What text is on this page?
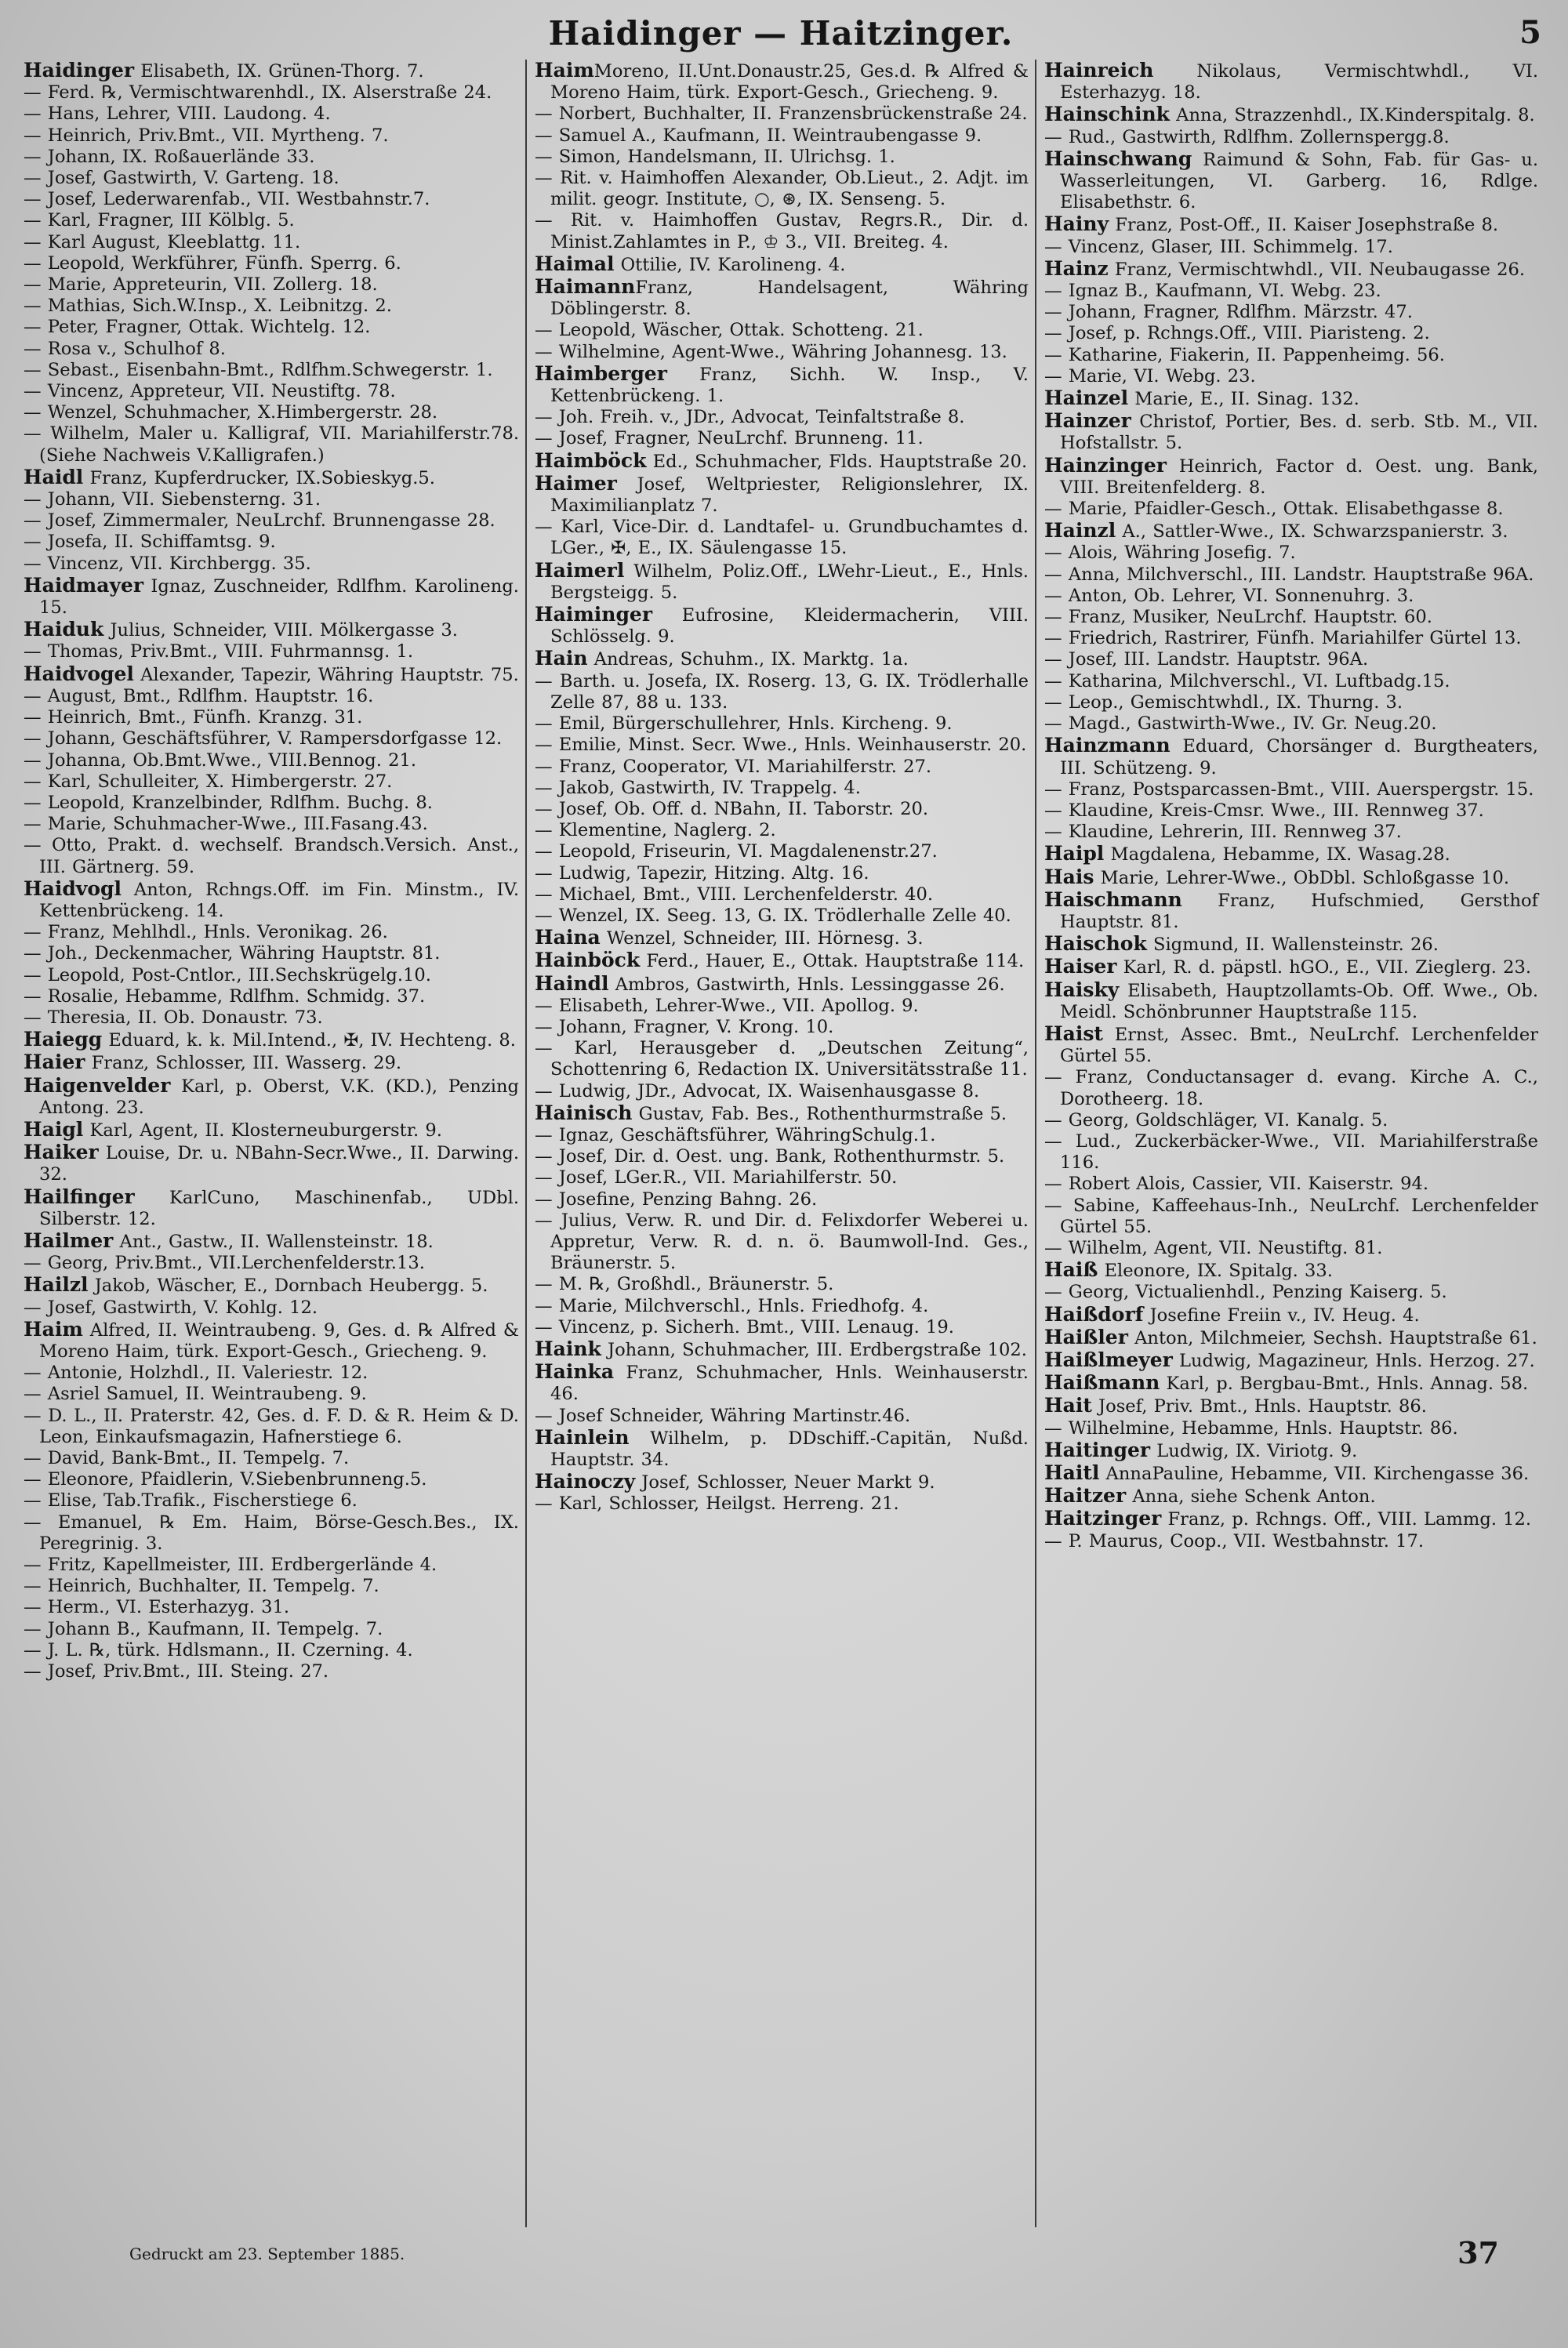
Haidinger — Haitzinger.	5
Haidinger Elisabeth, IX. Grünen-Thorg. 7.
— Ferd. ℞, Vermischtwarenhdl., IX. Alserstraße 24.
— Hans, Lehrer, VIII. Laudong. 4.
— Heinrich, Priv.Bmt., VII. Myrtheng. 7.
— Johann, IX. Roßauerlände 33.
— Josef, Gastwirth, V. Garteng. 18.
— Josef, Lederwarenfab., VII. Westbahnstr.7.
— Karl, Fragner, III Kölblg. 5.
— Karl August, Kleeblattg. 11.
— Leopold, Werkführer, Fünfh. Sperrg. 6.
— Marie, Appreteurin, VII. Zollerg. 18.
— Mathias, Sich.W.Insp., X. Leibnitzg. 2.
— Peter, Fragner, Ottak. Wichtelg. 12.
— Rosa v., Schulhof 8.
— Sebast., Eisenbahn-Bmt., Rdlfhm.Schwegerstr. 1.
— Vincenz, Appreteur, VII. Neustiftg. 78.
— Wenzel, Schuhmacher, X.Himbergerstr. 28.
— Wilhelm, Maler u. Kalligraf, VII. Mariahilferstr.78. (Siehe Nachweis V.Kalligrafen.)
Haidl Franz, Kupferdrucker, IX.Sobieskyg.5.
— Johann, VII. Siebensterng. 31.
— Josef, Zimmermaler, NeuLrchf. Brunnengasse 28.
— Josefa, II. Schiffamtsg. 9.
— Vincenz, VII. Kirchbergg. 35.
Haidmayer Ignaz, Zuschneider, Rdlfhm. Karolineng. 15.
Haiduk Julius, Schneider, VIII. Mölkergasse 3.
— Thomas, Priv.Bmt., VIII. Fuhrmannsg. 1.
Haidvogel Alexander, Tapezir, Währing Hauptstr. 75.
— August, Bmt., Rdlfhm. Hauptstr. 16.
— Heinrich, Bmt., Fünfh. Kranzg. 31.
— Johann, Geschäftsführer, V. Rampersdorfgasse 12.
— Johanna, Ob.Bmt.Wwe., VIII.Bennog. 21.
— Karl, Schulleiter, X. Himbergerstr. 27.
— Leopold, Kranzelbinder, Rdlfhm. Buchg. 8.
— Marie, Schuhmacher-Wwe., III.Fasang.43.
— Otto, Prakt. d. wechself. Brandsch.Versich. Anst., III. Gärtnerg. 59.
Haidvogl Anton, Rchngs.Off. im Fin. Minstm., IV. Kettenbrückeng. 14.
— Franz, Mehlhdl., Hnls. Veronikag. 26.
— Joh., Deckenmacher, Währing Hauptstr. 81.
— Leopold, Post-Cntlor., III.Sechskrügelg.10.
— Rosalie, Hebamme, Rdlfhm. Schmidg. 37.
— Theresia, II. Ob. Donaustr. 73.
Haiegg Eduard, k. k. Mil.Intend., ✠, IV. Hechteng. 8.
Haier Franz, Schlosser, III. Wasserg. 29.
Haigenvelder Karl, p. Oberst, V.K. (KD.), Penzing Antong. 23.
Haigl Karl, Agent, II. Klosterneuburgerstr. 9.
Haiker Louise, Dr. u. NBahn-Secr.Wwe., II. Darwing. 32.
Hailfinger KarlCuno, Maschinenfab., UDbl. Silberstr. 12.
Hailmer Ant., Gastw., II. Wallensteinstr. 18.
— Georg, Priv.Bmt., VII.Lerchenfelderstr.13.
Hailzl Jakob, Wäscher, E., Dornbach Heubergg. 5.
— Josef, Gastwirth, V. Kohlg. 12.
Haim Alfred, II. Weintraubeng. 9, Ges. d. ℞ Alfred & Moreno Haim, türk. Export-Gesch., Griecheng. 9.
— Antonie, Holzhdl., II. Valeriestr. 12.
— Asriel Samuel, II. Weintraubeng. 9.
— D. L., II. Praterstr. 42, Ges. d. F. D. & R. Heim & D. Leon, Einkaufsmagazin, Hafnerstiege 6.
— David, Bank-Bmt., II. Tempelg. 7.
— Eleonore, Pfaidlerin, V.Siebenbrunneng.5.
— Elise, Tab.Trafik., Fischerstiege 6.
— Emanuel, ℞ Em. Haim, Börse-Gesch.Bes., IX. Peregrinig. 3.
— Fritz, Kapellmeister, III. Erdbergerlände 4.
— Heinrich, Buchhalter, II. Tempelg. 7.
— Herm., VI. Esterhazyg. 31.
— Johann B., Kaufmann, II. Tempelg. 7.
— J. L. ℞, türk. Hdlsmann., II. Czerning. 4.
— Josef, Priv.Bmt., III. Steing. 27.
HaimMoreno, II.Unt.Donaustr.25, Ges.d. ℞ Alfred & Moreno Haim, türk. Export-Gesch., Griecheng. 9.
— Norbert, Buchhalter, II. Franzensbrückenstraße 24.
— Samuel A., Kaufmann, II. Weintraubengasse 9.
— Simon, Handelsmann, II. Ulrichsg. 1.
— Rit. v. Haimhoffen Alexander, Ob.Lieut., 2. Adjt. im milit. geogr. Institute, ○, ⊛, IX. Senseng. 5.
— Rit. v. Haimhoffen Gustav, Regrs.R., Dir. d. Minist.Zahlamtes in P., ♔ 3., VII. Breiteg. 4.
Haimal Ottilie, IV. Karolineng. 4.
HaimannFranz, Handelsagent, Währing Döblingerstr. 8.
— Leopold, Wäscher, Ottak. Schotteng. 21.
— Wilhelmine, Agent-Wwe., Währing Johannesg. 13.
Haimberger Franz, Sichh. W. Insp., V. Kettenbrückeng. 1.
— Joh. Freih. v., JDr., Advocat, Teinfaltstraße 8.
— Josef, Fragner, NeuLrchf. Brunneng. 11.
Haimböck Ed., Schuhmacher, Flds. Hauptstraße 20.
Haimer Josef, Weltpriester, Religionslehrer, IX. Maximilianplatz 7.
— Karl, Vice-Dir. d. Landtafel- u. Grundbuchamtes d. LGer., ✠, E., IX. Säulengasse 15.
Haimerl Wilhelm, Poliz.Off., LWehr-Lieut., E., Hnls. Bergsteigg. 5.
Haiminger Eufrosine, Kleidermacherin, VIII. Schlösselg. 9.
Hain Andreas, Schuhm., IX. Marktg. 1a.
— Barth. u. Josefa, IX. Roserg. 13, G. IX. Trödlerhalle Zelle 87, 88 u. 133.
— Emil, Bürgerschullehrer, Hnls. Kircheng. 9.
— Emilie, Minst. Secr. Wwe., Hnls. Weinhauserstr. 20.
— Franz, Cooperator, VI. Mariahilferstr. 27.
— Jakob, Gastwirth, IV. Trappelg. 4.
— Josef, Ob. Off. d. NBahn, II. Taborstr. 20.
— Klementine, Naglerg. 2.
— Leopold, Friseurin, VI. Magdalenenstr.27.
— Ludwig, Tapezir, Hitzing. Altg. 16.
— Michael, Bmt., VIII. Lerchenfelderstr. 40.
— Wenzel, IX. Seeg. 13, G. IX. Trödlerhalle Zelle 40.
Haina Wenzel, Schneider, III. Hörnesg. 3.
Hainböck Ferd., Hauer, E., Ottak. Hauptstraße 114.
Haindl Ambros, Gastwirth, Hnls. Lessinggasse 26.
— Elisabeth, Lehrer-Wwe., VII. Apollog. 9.
— Johann, Fragner, V. Krong. 10.
— Karl, Herausgeber d. „Deutschen Zeitung“, Schottenring 6, Redaction IX. Universitätsstraße 11.
— Ludwig, JDr., Advocat, IX. Waisenhausgasse 8.
Hainisch Gustav, Fab. Bes., Rothenthurmstraße 5.
— Ignaz, Geschäftsführer, WähringSchulg.1.
— Josef, Dir. d. Oest. ung. Bank, Rothenthurmstr. 5.
— Josef, LGer.R., VII. Mariahilferstr. 50.
— Josefine, Penzing Bahng. 26.
— Julius, Verw. R. und Dir. d. Felixdorfer Weberei u. Appretur, Verw. R. d. n. ö. Baumwoll-Ind. Ges., Bräunerstr. 5.
— M. ℞, Großhdl., Bräunerstr. 5.
— Marie, Milchverschl., Hnls. Friedhofg. 4.
— Vincenz, p. Sicherh. Bmt., VIII. Lenaug. 19.
Haink Johann, Schuhmacher, III. Erdbergstraße 102.
Hainka Franz, Schuhmacher, Hnls. Weinhauserstr. 46.
— Josef Schneider, Währing Martinstr.46.
Hainlein Wilhelm, p. DDschiff.-Capitän, Nußd. Hauptstr. 34.
Hainoczy Josef, Schlosser, Neuer Markt 9.
— Karl, Schlosser, Heilgst. Herreng. 21.
Hainreich Nikolaus, Vermischtwhdl., VI. Esterhazyg. 18.
Hainschink Anna, Strazzenhdl., IX.Kinderspitalg. 8.
— Rud., Gastwirth, Rdlfhm. Zollernspergg.8.
Hainschwang Raimund & Sohn, Fab. für Gas- u. Wasserleitungen, VI. Garberg. 16, Rdlge. Elisabethstr. 6.
Hainy Franz, Post-Off., II. Kaiser Josephstraße 8.
— Vincenz, Glaser, III. Schimmelg. 17.
Hainz Franz, Vermischtwhdl., VII. Neubaugasse 26.
— Ignaz B., Kaufmann, VI. Webg. 23.
— Johann, Fragner, Rdlfhm. Märzstr. 47.
— Josef, p. Rchngs.Off., VIII. Piaristeng. 2.
— Katharine, Fiakerin, II. Pappenheimg. 56.
— Marie, VI. Webg. 23.
Hainzel Marie, E., II. Sinag. 132.
Hainzer Christof, Portier, Bes. d. serb. Stb. M., VII. Hofstallstr. 5.
Hainzinger Heinrich, Factor d. Oest. ung. Bank, VIII. Breitenfelderg. 8.
— Marie, Pfaidler-Gesch., Ottak. Elisabethgasse 8.
Hainzl A., Sattler-Wwe., IX. Schwarzspanierstr. 3.
— Alois, Währing Josefig. 7.
— Anna, Milchverschl., III. Landstr. Hauptstraße 96A.
— Anton, Ob. Lehrer, VI. Sonnenuhrg. 3.
— Franz, Musiker, NeuLrchf. Hauptstr. 60.
— Friedrich, Rastrirer, Fünfh. Mariahilfer Gürtel 13.
— Josef, III. Landstr. Hauptstr. 96A.
— Katharina, Milchverschl., VI. Luftbadg.15.
— Leop., Gemischtwhdl., IX. Thurng. 3.
— Magd., Gastwirth-Wwe., IV. Gr. Neug.20.
Hainzmann Eduard, Chorsänger d. Burgtheaters, III. Schützeng. 9.
— Franz, Postsparcassen-Bmt., VIII. Auerspergstr. 15.
— Klaudine, Kreis-Cmsr. Wwe., III. Rennweg 37.
— Klaudine, Lehrerin, III. Rennweg 37.
Haipl Magdalena, Hebamme, IX. Wasag.28.
Hais Marie, Lehrer-Wwe., ObDbl. Schloßgasse 10.
Haischmann Franz, Hufschmied, Gersthof Hauptstr. 81.
Haischok Sigmund, II. Wallensteinstr. 26.
Haiser Karl, R. d. päpstl. hGO., E., VII. Zieglerg. 23.
Haisky Elisabeth, Hauptzollamts-Ob. Off. Wwe., Ob. Meidl. Schönbrunner Hauptstraße 115.
Haist Ernst, Assec. Bmt., NeuLrchf. Lerchenfelder Gürtel 55.
— Franz, Conductansager d. evang. Kirche A. C., Dorotheerg. 18.
— Georg, Goldschläger, VI. Kanalg. 5.
— Lud., Zuckerbäcker-Wwe., VII. Mariahilferstraße 116.
— Robert Alois, Cassier, VII. Kaiserstr. 94.
— Sabine, Kaffeehaus-Inh., NeuLrchf. Lerchenfelder Gürtel 55.
— Wilhelm, Agent, VII. Neustiftg. 81.
Haiß Eleonore, IX. Spitalg. 33.
— Georg, Victualienhdl., Penzing Kaiserg. 5.
Haißdorf Josefine Freiin v., IV. Heug. 4.
Haißler Anton, Milchmeier, Sechsh. Hauptstraße 61.
Haißlmeyer Ludwig, Magazineur, Hnls. Herzog. 27.
Haißmann Karl, p. Bergbau-Bmt., Hnls. Annag. 58.
Hait Josef, Priv. Bmt., Hnls. Hauptstr. 86.
— Wilhelmine, Hebamme, Hnls. Hauptstr. 86.
Haitinger Ludwig, IX. Viriotg. 9.
Haitl AnnaPauline, Hebamme, VII. Kirchengasse 36.
Haitzer Anna, siehe Schenk Anton.
Haitzinger Franz, p. Rchngs. Off., VIII. Lammg. 12.
— P. Maurus, Coop., VII. Westbahnstr. 17.
Gedruckt am 23. September 1885.	37
